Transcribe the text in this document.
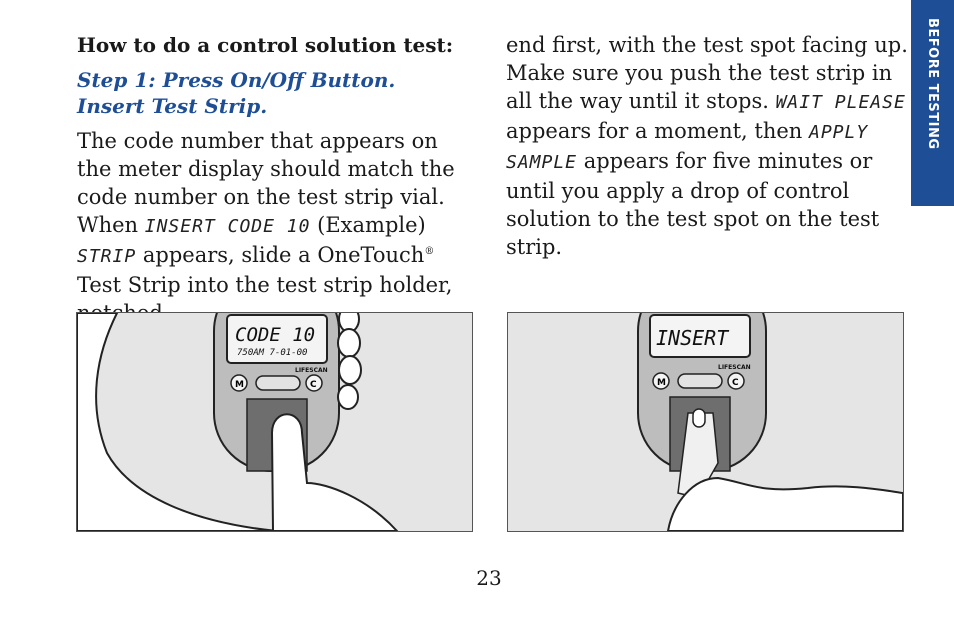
BEFORE TESTING
How to do a control solution test:
Step 1: Press On/Off Button.
Insert Test Strip.

The code number that appears on the meter display should match the code number on the test strip vial. When INSERT CODE 10 (Example) STRIP appears, slide a OneTouch® Test Strip into the test strip holder,

end first, with the test spot facing up. Make sure you push the test strip in all the way until it stops. WAIT PLEASE appears for a moment, then APPLY SAMPLE appears for five minutes or until you apply a drop of control solution to the test spot on the test strip.

CODE 10
750AM 7-01-00
LIFESCAN
M	C
INSERT
LIFESCAN
M	C
23
